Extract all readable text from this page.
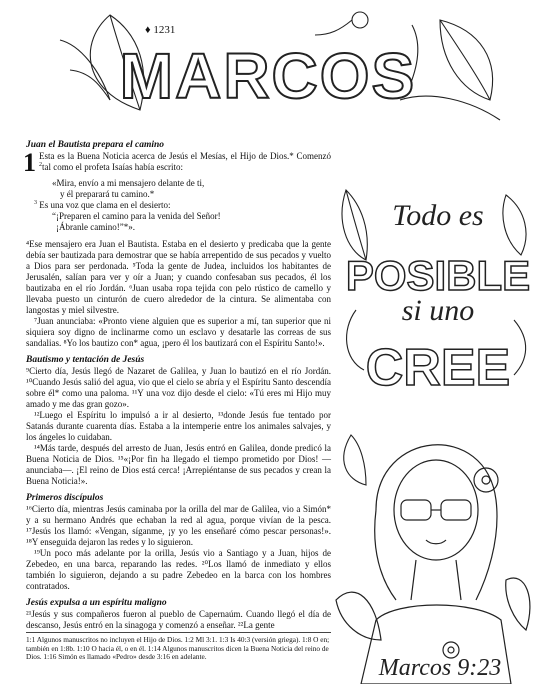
♦ 1231
MARCOS
Juan el Bautista prepara el camino

1 Esta es la Buena Noticia acerca de Jesús el Mesías, el Hijo de Dios.* Comenzó $^2$tal como el profeta Isaías había escrito:

«Mira, envío a mi mensajero delante de ti,

y él preparará tu camino.*

$^3$ Es una voz que clama en el desierto:

“¡Preparen el camino para la venida del Señor!

¡Ábranle camino!”*».

⁴Ese mensajero era Juan el Bautista. Estaba en el desierto y predicaba que la gente debía ser bautizada para demostrar que se había arrepentido de sus pecados y vuelto a Dios para ser perdonada. ⁵Toda la gente de Judea, incluidos los habitantes de Jerusalén, salían para ver y oír a Juan; y cuando confesaban sus pecados, él los bautizaba en el río Jordán. ⁶Juan usaba ropa tejida con pelo rústico de camello y llevaba puesto un cinturón de cuero alrededor de la cintura. Se alimentaba con langostas y miel silvestre.

⁷Juan anunciaba: «Pronto viene alguien que es superior a mí, tan superior que ni siquiera soy digno de inclinarme como un esclavo y desatarle las correas de sus sandalias. ⁸Yo los bautizo con* agua, ¡pero él los bautizará con el Espíritu Santo!».

Bautismo y tentación de Jesús

⁹Cierto día, Jesús llegó de Nazaret de Galilea, y Juan lo bautizó en el río Jordán. ¹⁰Cuando Jesús salió del agua, vio que el cielo se abría y el Espíritu Santo descendía sobre él* como una paloma. ¹¹Y una voz dijo desde el cielo: «Tú eres mi Hijo muy amado y me das gran gozo».

¹²Luego el Espíritu lo impulsó a ir al desierto, ¹³donde Jesús fue tentado por Satanás durante cuarenta días. Estaba a la intemperie entre los animales salvajes, y los ángeles lo cuidaban.

¹⁴Más tarde, después del arresto de Juan, Jesús entró en Galilea, donde predicó la Buena Noticia de Dios. ¹⁵«¡Por fin ha llegado el tiempo prometido por Dios! —anunciaba—. ¡El reino de Dios está cerca! ¡Arrepiéntanse de sus pecados y crean la Buena Noticia!».

Primeros discípulos

¹⁶Cierto día, mientras Jesús caminaba por la orilla del mar de Galilea, vio a Simón* y a su hermano Andrés que echaban la red al agua, porque vivían de la pesca. ¹⁷Jesús los llamó: «Vengan, síganme, ¡y yo les enseñaré cómo pescar personas!». ¹⁸Y enseguida dejaron las redes y lo siguieron.

¹⁹Un poco más adelante por la orilla, Jesús vio a Santiago y a Juan, hijos de Zebedeo, en una barca, reparando las redes. ²⁰Los llamó de inmediato y ellos también lo siguieron, dejando a su padre Zebedeo en la barca con los hombres contratados.

Jesús expulsa a un espíritu maligno

²¹Jesús y sus compañeros fueron al pueblo de Capernaúm. Cuando llegó el día de descanso, Jesús entró en la sinagoga y comenzó a enseñar. ²²La gente

1:1 Algunos manuscritos no incluyen el Hijo de Dios. 1:2 Ml 3:1. 1:3 Is 40:3 (versión griega). 1:8 O en; también en 1:8b. 1:10 O hacia él, o en él. 1:14 Algunos manuscritos dicen la Buena Noticia del reino de Dios. 1:16 Simón es llamado «Pedro» desde 3:16 en adelante.
Todo es
POSIBLE
si uno
CREE
Marcos 9:23
